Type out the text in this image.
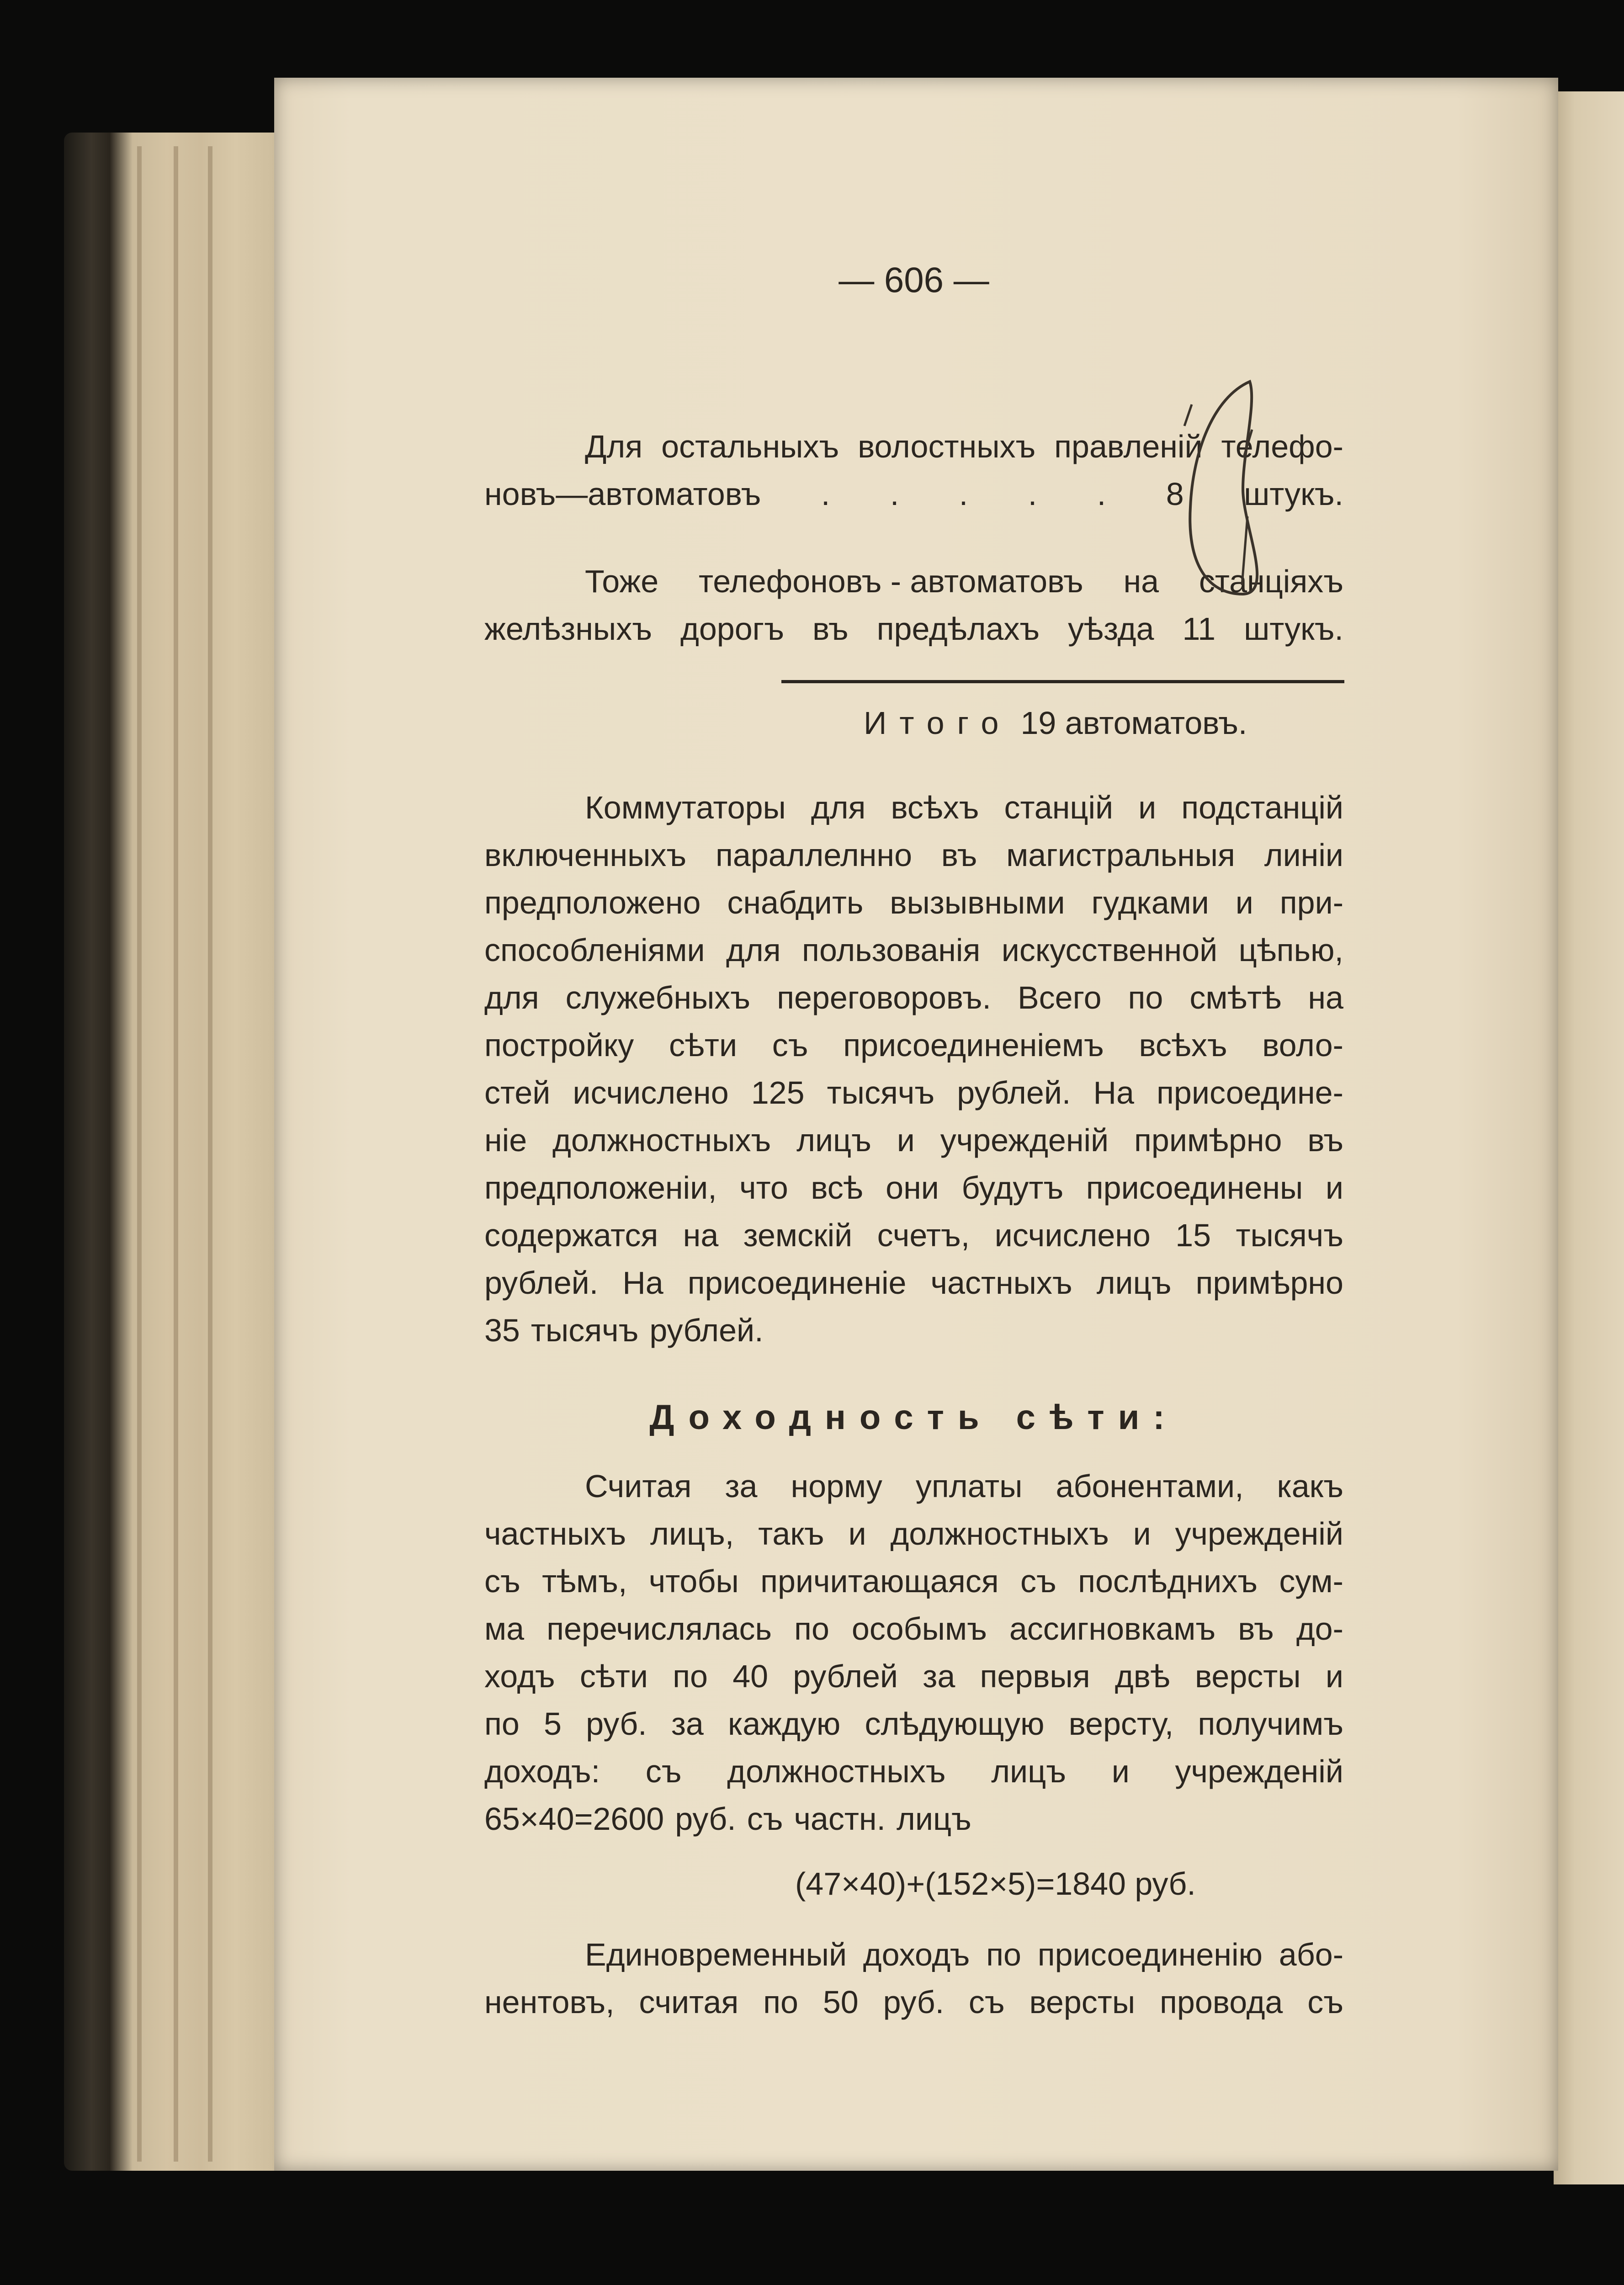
— 606 —
Для остальныхъ волостныхъ правленій телефо-
новъ—автоматовъ . . . . . 8 штукъ.
Тоже телефоновъ - автоматовъ на станціяхъ
желѣзныхъ дорогъ въ предѣлахъ уѣзда 11 штукъ.
Итого 19 автоматовъ.
Коммутаторы для всѣхъ станцій и подстанцій
включенныхъ параллелнно въ магистральныя линіи
предположено снабдить вызывными гудками и при-
способленіями для пользованія искусственной цѣпью,
для служебныхъ переговоровъ. Всего по смѣтѣ на
постройку сѣти съ присоединеніемъ всѣхъ воло-
стей исчислено 125 тысячъ рублей. На присоедине-
ніе должностныхъ лицъ и учрежденій примѣрно въ
предположеніи, что всѣ они будутъ присоединены и
содержатся на земскій счетъ, исчислено 15 тысячъ
рублей. На присоединеніе частныхъ лицъ примѣрно
35 тысячъ рублей.
Доходность сѣти:
Считая за норму уплаты абонентами, какъ
частныхъ лицъ, такъ и должностныхъ и учрежденій
съ тѣмъ, чтобы причитающаяся съ послѣднихъ сум-
ма перечислялась по особымъ ассигновкамъ въ до-
ходъ сѣти по 40 рублей за первыя двѣ версты и
по 5 руб. за каждую слѣдующую версту, получимъ
доходъ: съ должностныхъ лицъ и учрежденій
65×40=2600 руб. съ частн. лицъ
(47×40)+(152×5)=1840 руб.
Единовременный доходъ по присоединенію або-
нентовъ, считая по 50 руб. съ версты провода съ
